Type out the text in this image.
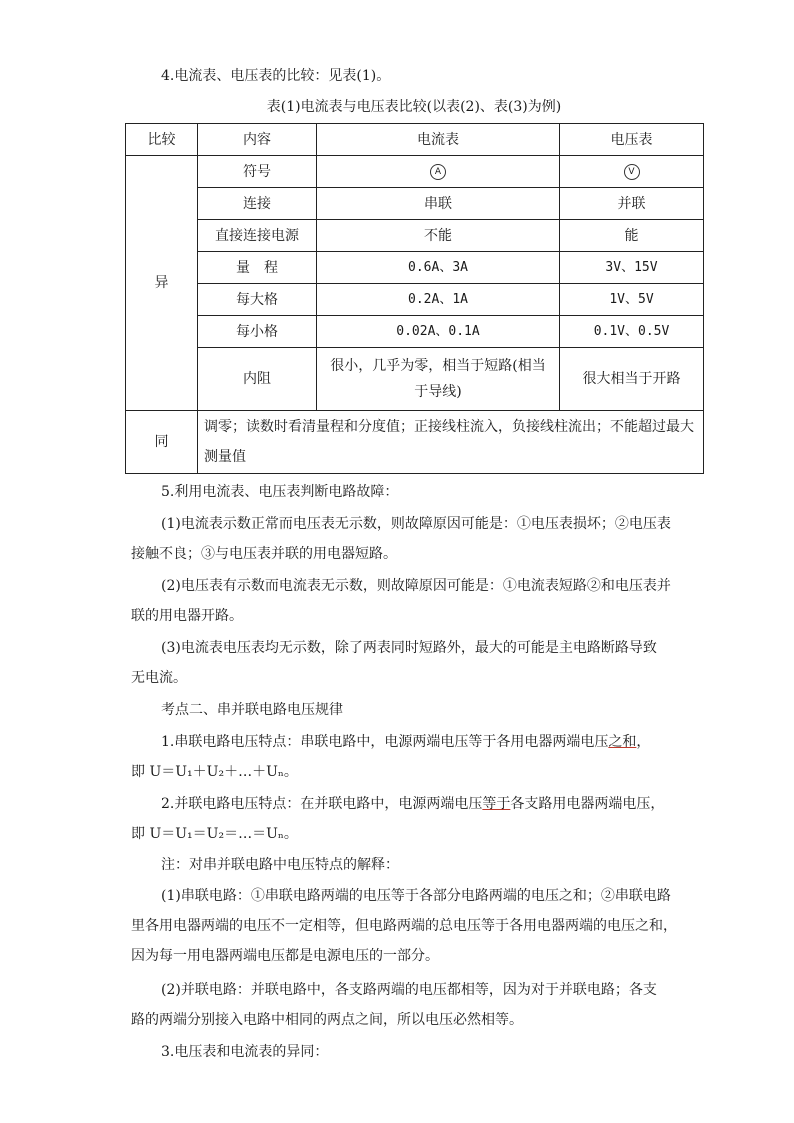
4.电流表、电压表的比较：见表(1)。
表(1)电流表与电压表比较(以表(2)、表(3)为例)
比较	内容	电流表	电压表
异	符号	A	V
	连接	串联	并联
	直接连接电源	不能	能
	量　程	0.6A、3A	3V、15V
	每大格	0.2A、1A	1V、5V
	每小格	0.02A、0.1A	0.1V、0.5V
	内阻	很小，几乎为零，相当于短路(相当于导线)	很大相当于开路
同	调零；读数时看清量程和分度值；正接线柱流入，负接线柱流出；不能超过最大测量值		
5.利用电流表、电压表判断电路故障：
(1)电流表示数正常而电压表无示数，则故障原因可能是：①电压表损坏；②电压表
接触不良；③与电压表并联的用电器短路。
(2)电压表有示数而电流表无示数，则故障原因可能是：①电流表短路②和电压表并
联的用电器开路。
(3)电流表电压表均无示数，除了两表同时短路外，最大的可能是主电路断路导致
无电流。
考点二、串并联电路电压规律
1.串联电路电压特点：串联电路中，电源两端电压等于各用电器两端电压之和，
即 U＝U₁＋U₂＋…＋Uₙ。
2.并联电路电压特点：在并联电路中，电源两端电压等于各支路用电器两端电压，
即 U＝U₁＝U₂＝…＝Uₙ。
注：对串并联电路中电压特点的解释：
(1)串联电路：①串联电路两端的电压等于各部分电路两端的电压之和；②串联电路
里各用电器两端的电压不一定相等，但电路两端的总电压等于各用电器两端的电压之和，
因为每一用电器两端电压都是电源电压的一部分。
(2)并联电路：并联电路中，各支路两端的电压都相等，因为对于并联电路；各支
路的两端分别接入电路中相同的两点之间，所以电压必然相等。
3.电压表和电流表的异同：
